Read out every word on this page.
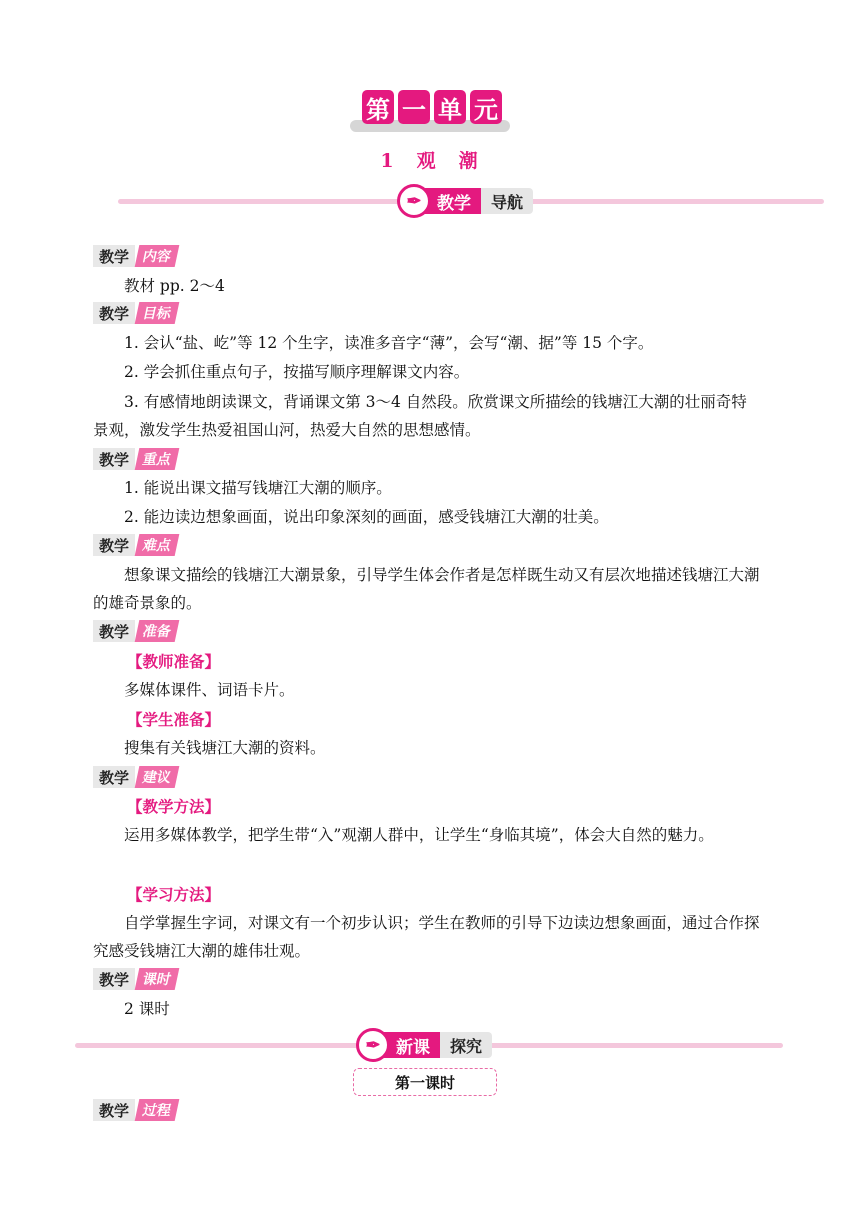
第 一 单 元
1　观　潮
✒ 教学	导航
教学 内容
教材 pp. 2～4
教学 目标
1. 会认“盐、屹”等 12 个生字，读准多音字“薄”，会写“潮、据”等 15 个字。
2. 学会抓住重点句子，按描写顺序理解课文内容。
3. 有感情地朗读课文，背诵课文第 3～4 自然段。欣赏课文所描绘的钱塘江大潮的壮丽奇特景观，激发学生热爱祖国山河，热爱大自然的思想感情。
教学 重点
1. 能说出课文描写钱塘江大潮的顺序。
2. 能边读边想象画面，说出印象深刻的画面，感受钱塘江大潮的壮美。
教学 难点
想象课文描绘的钱塘江大潮景象，引导学生体会作者是怎样既生动又有层次地描述钱塘江大潮的雄奇景象的。
教学 准备
【教师准备】
多媒体课件、词语卡片。
【学生准备】
搜集有关钱塘江大潮的资料。
教学 建议
【教学方法】
运用多媒体教学，把学生带“入”观潮人群中，让学生“身临其境”，体会大自然的魅力。
【学习方法】
自学掌握生字词，对课文有一个初步认识；学生在教师的引导下边读边想象画面，通过合作探究感受钱塘江大潮的雄伟壮观。
教学 课时
2 课时
✒ 新课	探究
第一课时
教学 过程
